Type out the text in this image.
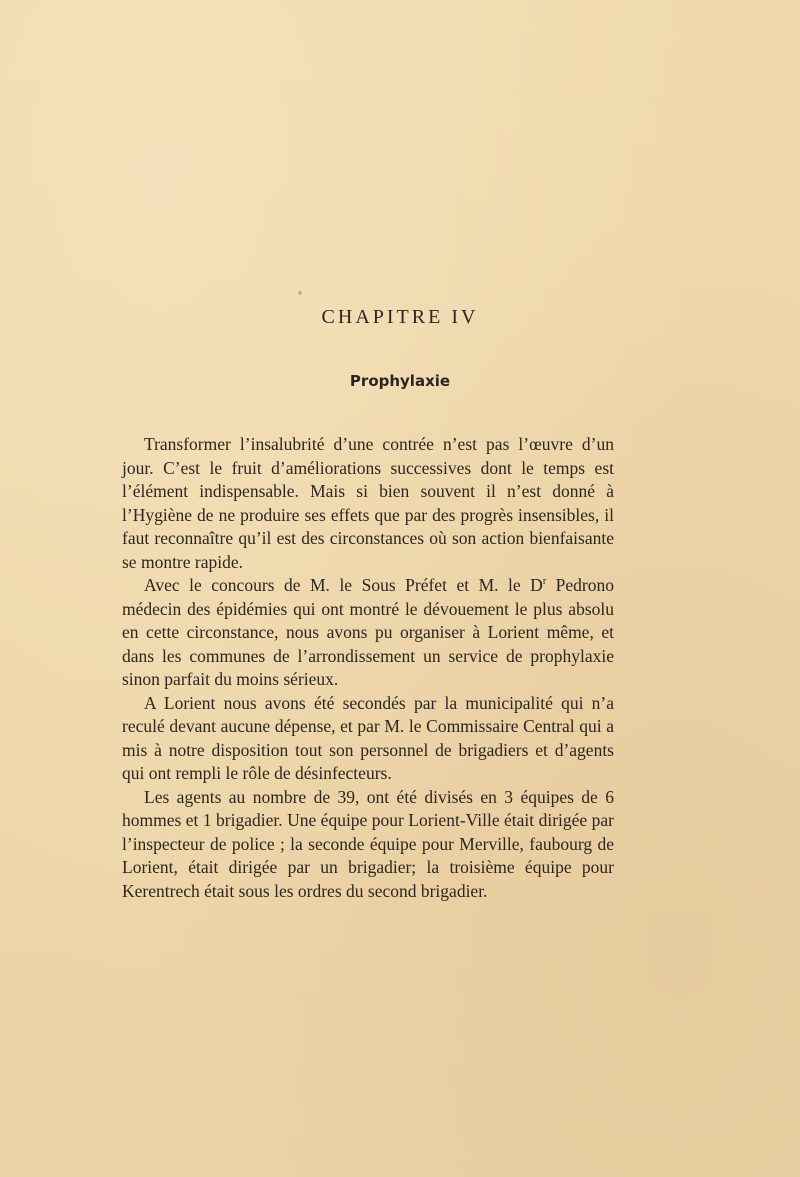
CHAPITRE IV
Prophylaxie

Transformer l’insalubrité d’une contrée n’est pas l’œuvre d’un jour. C’est le fruit d’améliorations successives dont le temps est l’élément indispensable. Mais si bien souvent il n’est donné à l’Hygiène de ne produire ses effets que par des progrès insensibles, il faut reconnaître qu’il est des circonstances où son action bienfaisante se montre rapide.

Avec le concours de M. le Sous Préfet et M. le $D^r$ Pedrono médecin des épidémies qui ont montré le dévouement le plus absolu en cette circonstance, nous avons pu organiser à Lorient même, et dans les communes de l’arrondissement un service de prophylaxie sinon parfait du moins sérieux.

A Lorient nous avons été secondés par la municipalité qui n’a reculé devant aucune dépense, et par M. le Commissaire Central qui a mis à notre disposition tout son personnel de brigadiers et d’agents qui ont rempli le rôle de désinfecteurs.

Les agents au nombre de 39, ont été divisés en 3 équipes de 6 hommes et 1 brigadier. Une équipe pour Lorient-Ville était dirigée par l’inspecteur de police ; la seconde équipe pour Merville, faubourg de Lorient, était dirigée par un brigadier; la troisième équipe pour Kerentrech était sous les ordres du second brigadier.
